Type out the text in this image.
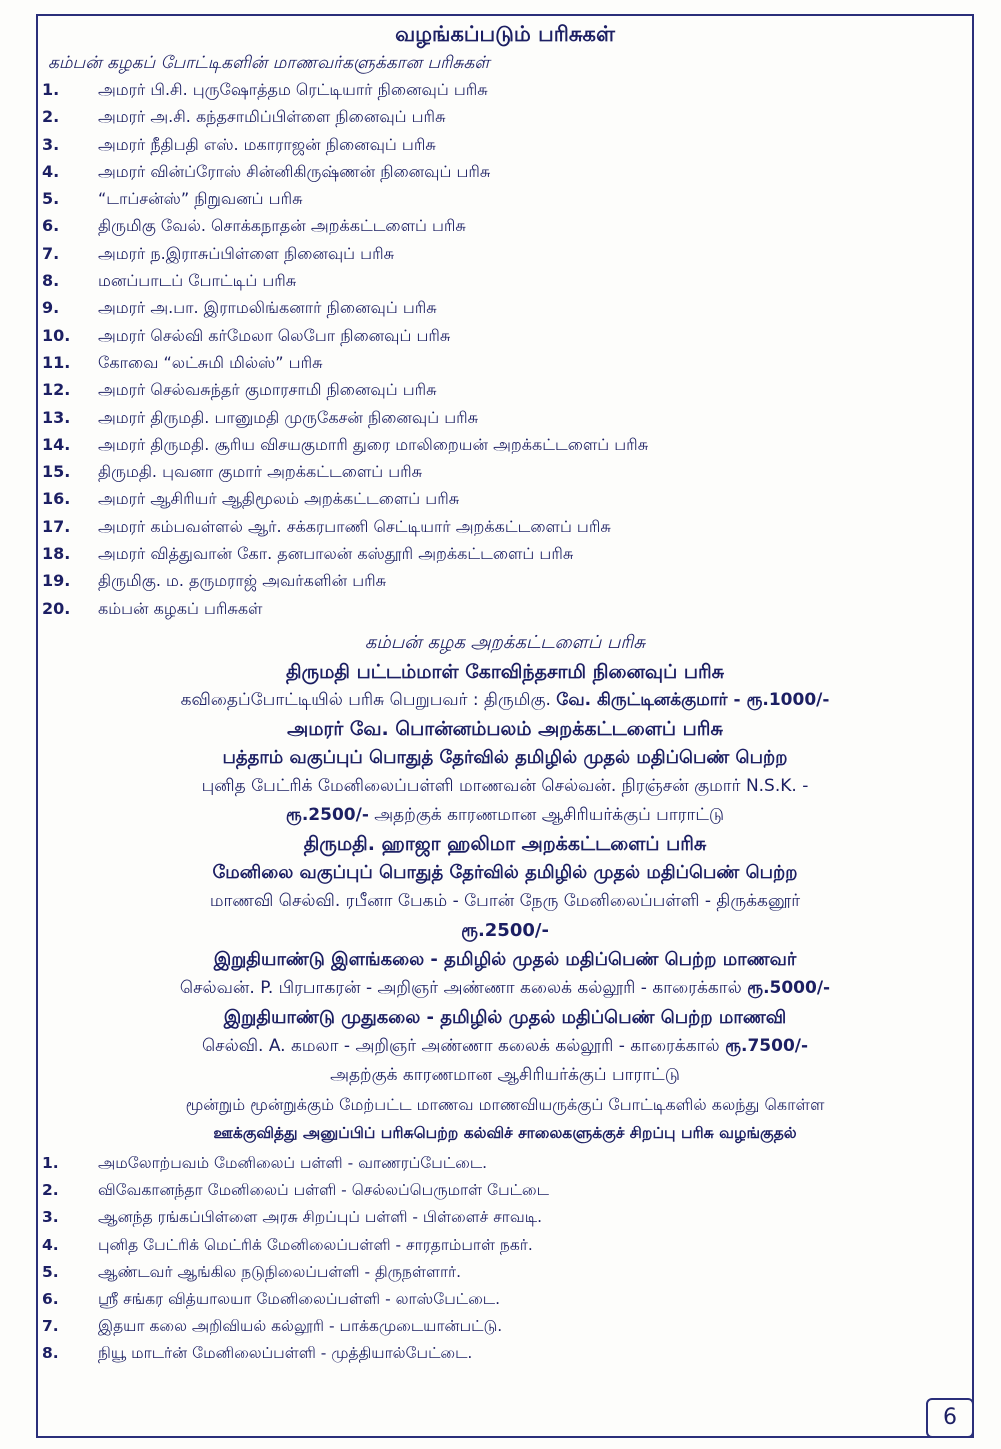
6
வழங்கப்படும் பரிசுகள்
கம்பன் கழகப் போட்டிகளின் மாணவர்களுக்கான பரிசுகள்
1.	அமரர் பி.சி. புருஷோத்தம ரெட்டியார் நினைவுப் பரிசு
2.	அமரர் அ.சி. கந்தசாமிப்பிள்ளை நினைவுப் பரிசு
3.	அமரர் நீதிபதி எஸ். மகாராஜன் நினைவுப் பரிசு
4.	அமரர் வின்ப்ரோஸ் சின்னிகிருஷ்ணன் நினைவுப் பரிசு
5.	“டாப்சன்ஸ்” நிறுவனப் பரிசு
6.	திருமிகு வேல். சொக்கநாதன் அறக்கட்டளைப் பரிசு
7.	அமரர் ந.இராசுப்பிள்ளை நினைவுப் பரிசு
8.	மனப்பாடப் போட்டிப் பரிசு
9.	அமரர் அ.பா. இராமலிங்கனார் நினைவுப் பரிசு
10.	அமரர் செல்வி கர்மேலா லெபோ நினைவுப் பரிசு
11.	கோவை “லட்சுமி மில்ஸ்” பரிசு
12.	அமரர் செல்வசுந்தர் குமாரசாமி நினைவுப் பரிசு
13.	அமரர் திருமதி. பானுமதி முருகேசன் நினைவுப் பரிசு
14.	அமரர் திருமதி. சூரிய விசயகுமாரி துரை மாலிறையன் அறக்கட்டளைப் பரிசு
15.	திருமதி. புவனா குமார் அறக்கட்டளைப் பரிசு
16.	அமரர் ஆசிரியர் ஆதிமூலம் அறக்கட்டளைப் பரிசு
17.	அமரர் கம்பவள்ளல் ஆர். சக்கரபாணி செட்டியார் அறக்கட்டளைப் பரிசு
18.	அமரர் வித்துவான் கோ. தனபாலன் கஸ்தூரி அறக்கட்டளைப் பரிசு
19.	திருமிகு. ம. தருமராஜ் அவர்களின் பரிசு
20.	கம்பன் கழகப் பரிசுகள்
கம்பன் கழக அறக்கட்டளைப் பரிசு
திருமதி பட்டம்மாள் கோவிந்தசாமி நினைவுப் பரிசு
கவிதைப்போட்டியில் பரிசு பெறுபவர் : திருமிகு. வே. கிருட்டினக்குமார் - ரூ.1000/-
அமரர் வே. பொன்னம்பலம் அறக்கட்டளைப் பரிசு
பத்தாம் வகுப்புப் பொதுத் தேர்வில் தமிழில் முதல் மதிப்பெண் பெற்ற
புனித பேட்ரிக் மேனிலைப்பள்ளி மாணவன் செல்வன். நிரஞ்சன் குமார் N.S.K. -
ரூ.2500/- அதற்குக் காரணமான ஆசிரியர்க்குப் பாராட்டு
திருமதி. ஹாஜா ஹலிமா அறக்கட்டளைப் பரிசு
மேனிலை வகுப்புப் பொதுத் தேர்வில் தமிழில் முதல் மதிப்பெண் பெற்ற
மாணவி செல்வி. ரபீனா பேகம் - போன் நேரு மேனிலைப்பள்ளி - திருக்கனூர்
ரூ.2500/-
இறுதியாண்டு இளங்கலை - தமிழில் முதல் மதிப்பெண் பெற்ற மாணவர்
செல்வன். P. பிரபாகரன் - அறிஞர் அண்ணா கலைக் கல்லூரி - காரைக்கால் ரூ.5000/-
இறுதியாண்டு முதுகலை - தமிழில் முதல் மதிப்பெண் பெற்ற மாணவி
செல்வி. A. கமலா - அறிஞர் அண்ணா கலைக் கல்லூரி - காரைக்கால் ரூ.7500/-
அதற்குக் காரணமான ஆசிரியர்க்குப் பாராட்டு
மூன்றும் மூன்றுக்கும் மேற்பட்ட மாணவ மாணவியருக்குப் போட்டிகளில் கலந்து கொள்ள
ஊக்குவித்து அனுப்பிப் பரிசுபெற்ற கல்விச் சாலைகளுக்குச் சிறப்பு பரிசு வழங்குதல்
1.	அமலோற்பவம் மேனிலைப் பள்ளி - வாணரப்பேட்டை.
2.	விவேகானந்தா மேனிலைப் பள்ளி - செல்லப்பெருமாள் பேட்டை
3.	ஆனந்த ரங்கப்பிள்ளை அரசு சிறப்புப் பள்ளி - பிள்ளைச் சாவடி.
4.	புனித பேட்ரிக் மெட்ரிக் மேனிலைப்பள்ளி - சாரதாம்பாள் நகர்.
5.	ஆண்டவர் ஆங்கில நடுநிலைப்பள்ளி - திருநள்ளார்.
6.	ஸ்ரீ சங்கர வித்யாலயா மேனிலைப்பள்ளி - லாஸ்பேட்டை.
7.	இதயா கலை அறிவியல் கல்லூரி - பாக்கமுடையான்பட்டு.
8.	நியூ மாடர்ன் மேனிலைப்பள்ளி - முத்தியால்பேட்டை.
